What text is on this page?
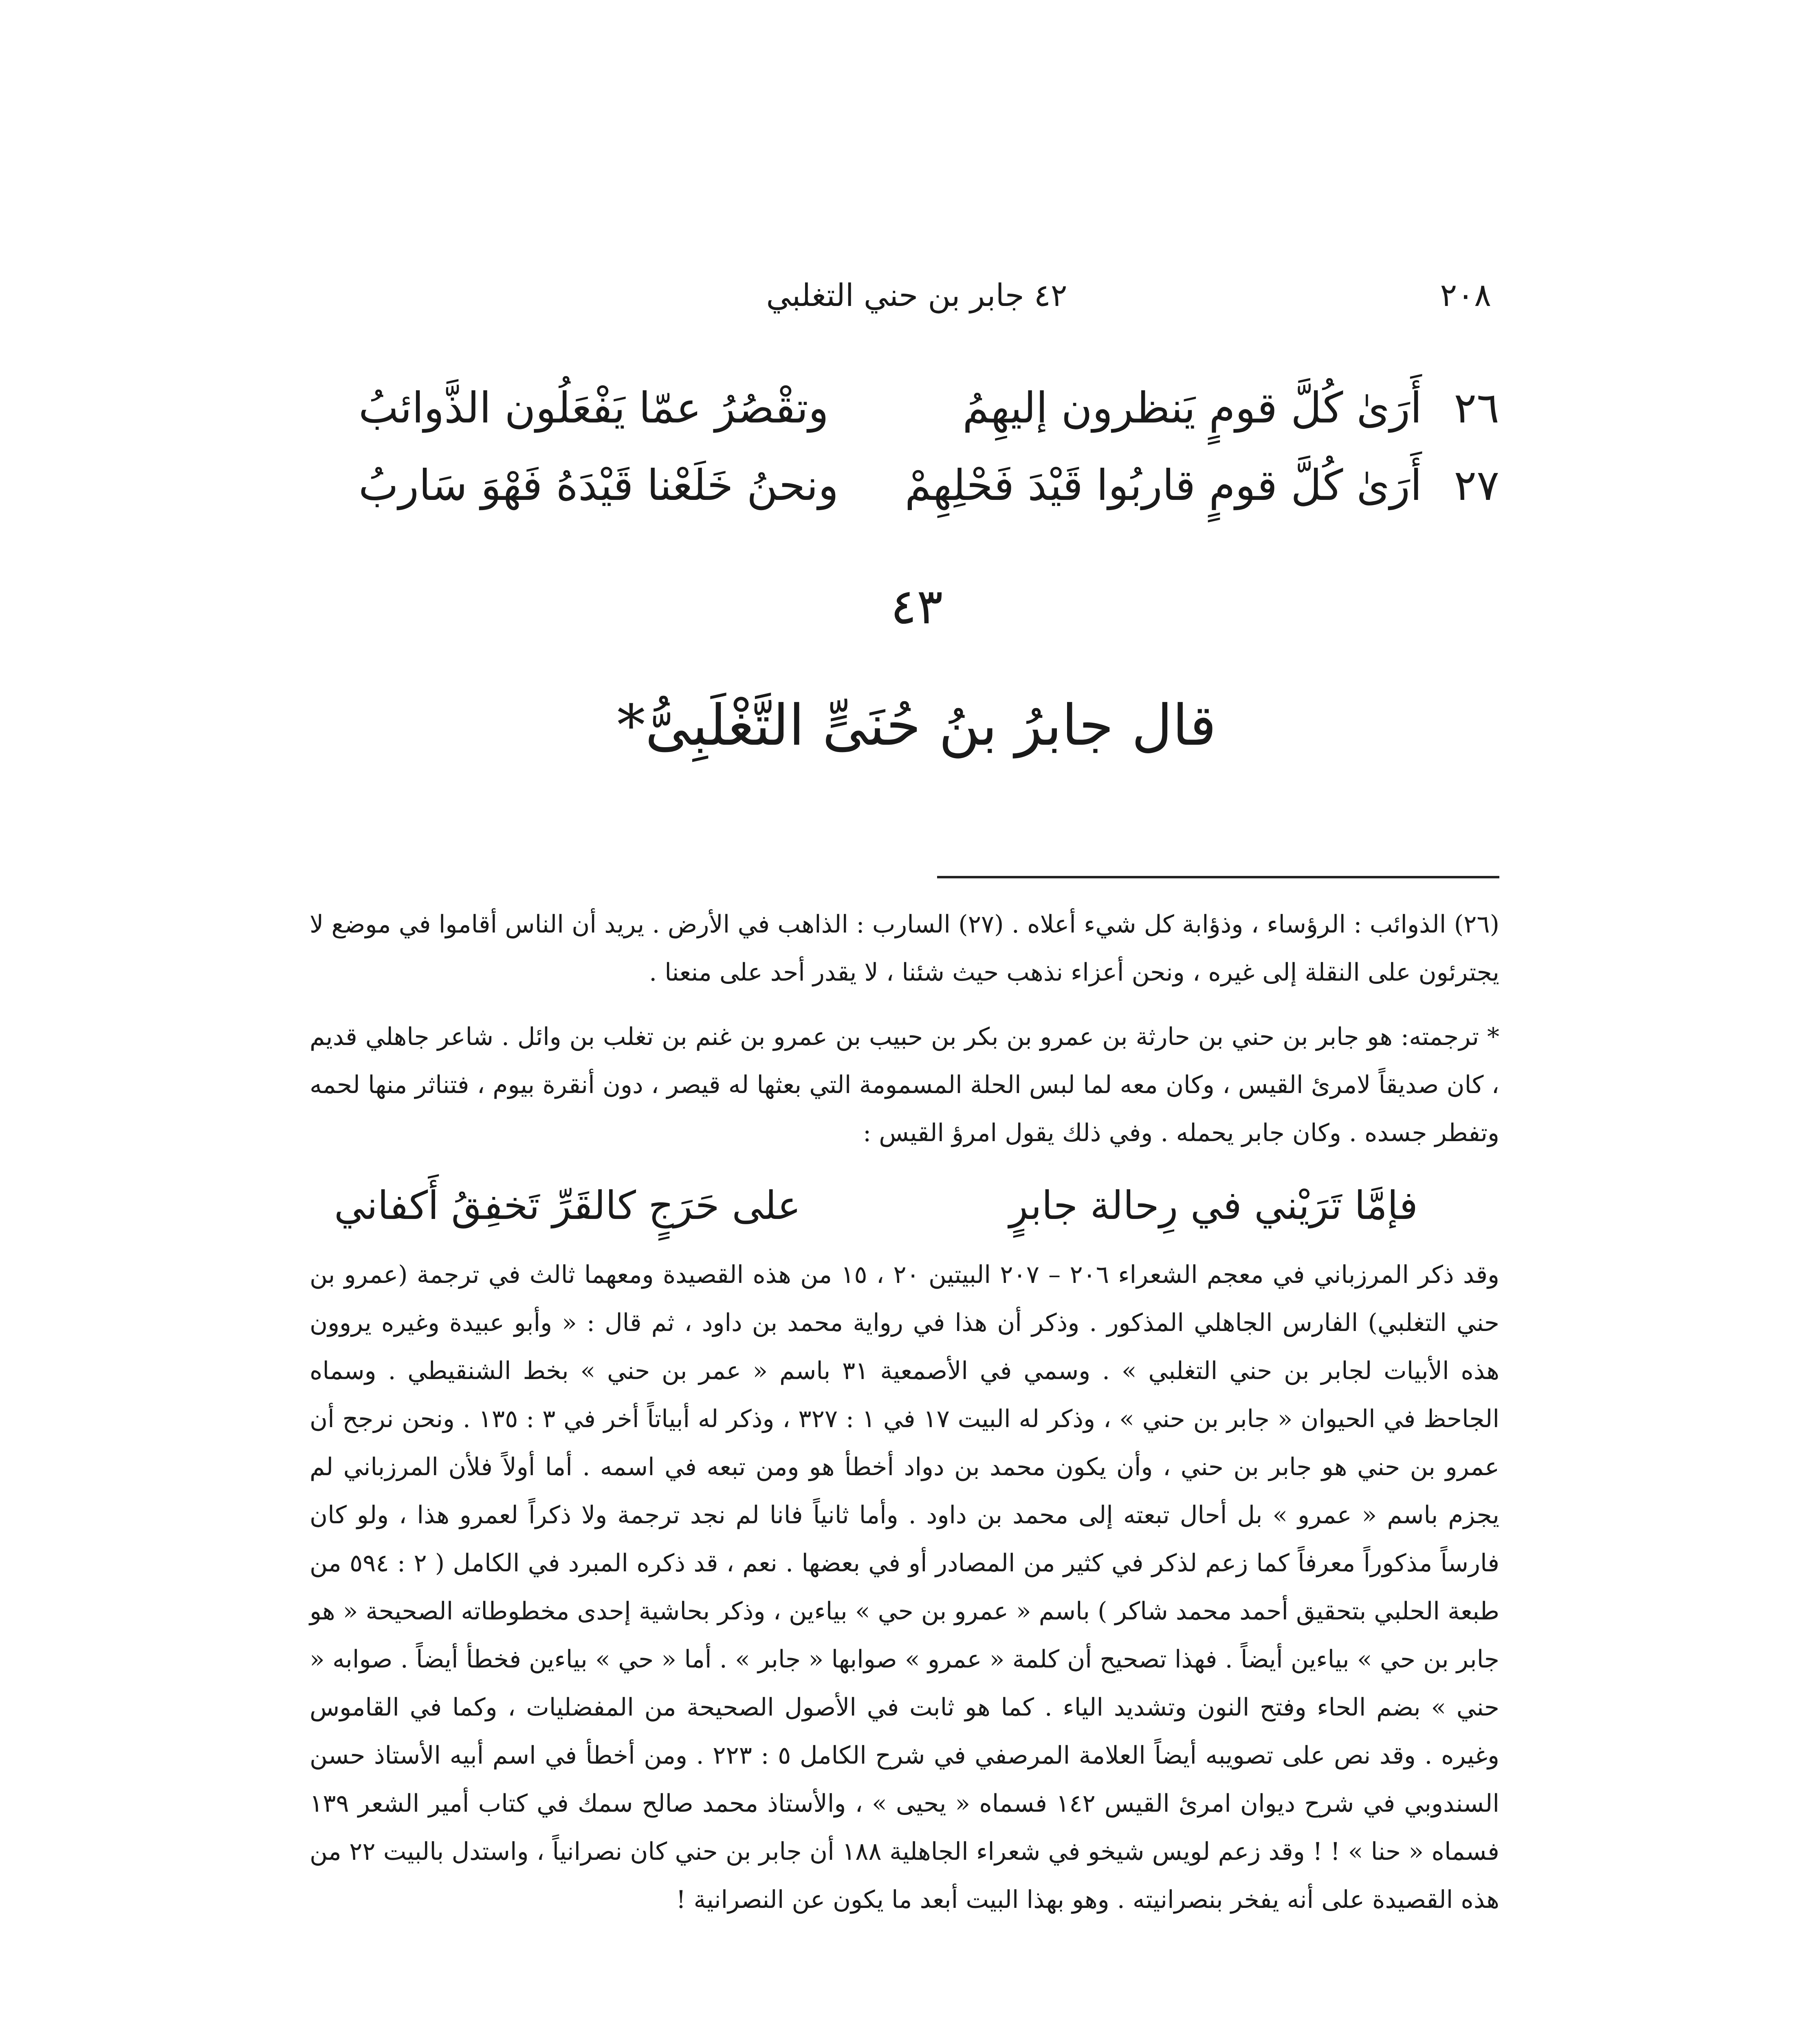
٢٠٨
٤٢ جابر بن حني التغلبي
٢٦
أَرَىٰ كُلَّ قومٍ يَنظرون إليهِمُ
وتقْصُرُ عمّا يَفْعَلُون الذَّوائبُ
٢٧
أَرَىٰ كُلَّ قومٍ قاربُوا قَيْدَ فَحْلِهِمْ
ونحنُ خَلَعْنا قَيْدَهُ فَهْوَ سَاربُ
٤٣
قال جابرُ بنُ حُنَىٍّ التَّغْلَبِىُّ*

(٢٦) الذوائب : الرؤساء ، وذؤابة كل شيء أعلاه . (٢٧) السارب : الذاهب في الأرض . يريد أن الناس أقاموا في موضع لا يجترئون على النقلة إلى غيره ، ونحن أعزاء نذهب حيث شئنا ، لا يقدر أحد على منعنا .

* ترجمته: هو جابر بن حني بن حارثة بن عمرو بن بكر بن حبيب بن عمرو بن غنم بن تغلب بن وائل . شاعر جاهلي قديم ، كان صديقاً لامرئ القيس ، وكان معه لما لبس الحلة المسمومة التي بعثها له قيصر ، دون أنقرة بيوم ، فتناثر منها لحمه وتفطر جسده . وكان جابر يحمله . وفي ذلك يقول امرؤ القيس :

فإمَّا تَرَيْني في رِحالة جابرٍ
على حَرَجٍ كالقَرِّ تَخفِقُ أَكفاني

وقد ذكر المرزباني في معجم الشعراء ٢٠٦ – ٢٠٧ البيتين ٢٠ ، ١٥ من هذه القصيدة ومعهما ثالث في ترجمة (عمرو بن حني التغلبي) الفارس الجاهلي المذكور . وذكر أن هذا في رواية محمد بن داود ، ثم قال : « وأبو عبيدة وغيره يروون هذه الأبيات لجابر بن حني التغلبي » . وسمي في الأصمعية ٣١ باسم « عمر بن حني » بخط الشنقيطي . وسماه الجاحظ في الحيوان « جابر بن حني » ، وذكر له البيت ١٧ في ١ : ٣٢٧ ، وذكر له أبياتاً أخر في ٣ : ١٣٥ . ونحن نرجح أن عمرو بن حني هو جابر بن حني ، وأن يكون محمد بن دواد أخطأ هو ومن تبعه في اسمه . أما أولاً فلأن المرزباني لم يجزم باسم « عمرو » بل أحال تبعته إلى محمد بن داود . وأما ثانياً فانا لم نجد ترجمة ولا ذكراً لعمرو هذا ، ولو كان فارساً مذكوراً معرفاً كما زعم لذكر في كثير من المصادر أو في بعضها . نعم ، قد ذكره المبرد في الكامل ( ٢ : ٥٩٤ من طبعة الحلبي بتحقيق أحمد محمد شاكر ) باسم « عمرو بن حي » بياءين ، وذكر بحاشية إحدى مخطوطاته الصحيحة « هو جابر بن حي » بياءين أيضاً . فهذا تصحيح أن كلمة « عمرو » صوابها « جابر » . أما « حي » بياءين فخطأ أيضاً . صوابه « حني » بضم الحاء وفتح النون وتشديد الياء . كما هو ثابت في الأصول الصحيحة من المفضليات ، وكما في القاموس وغيره . وقد نص على تصويبه أيضاً العلامة المرصفي في شرح الكامل ٥ : ٢٢٣ . ومن أخطأ في اسم أبيه الأستاذ حسن السندوبي في شرح ديوان امرئ القيس ١٤٢ فسماه « يحيى » ، والأستاذ محمد صالح سمك في كتاب أمير الشعر ١٣٩ فسماه « حنا » ! ! وقد زعم لويس شيخو في شعراء الجاهلية ١٨٨ أن جابر بن حني كان نصرانياً ، واستدل بالبيت ٢٢ من هذه القصيدة على أنه يفخر بنصرانيته . وهو بهذا البيت أبعد ما يكون عن النصرانية !
